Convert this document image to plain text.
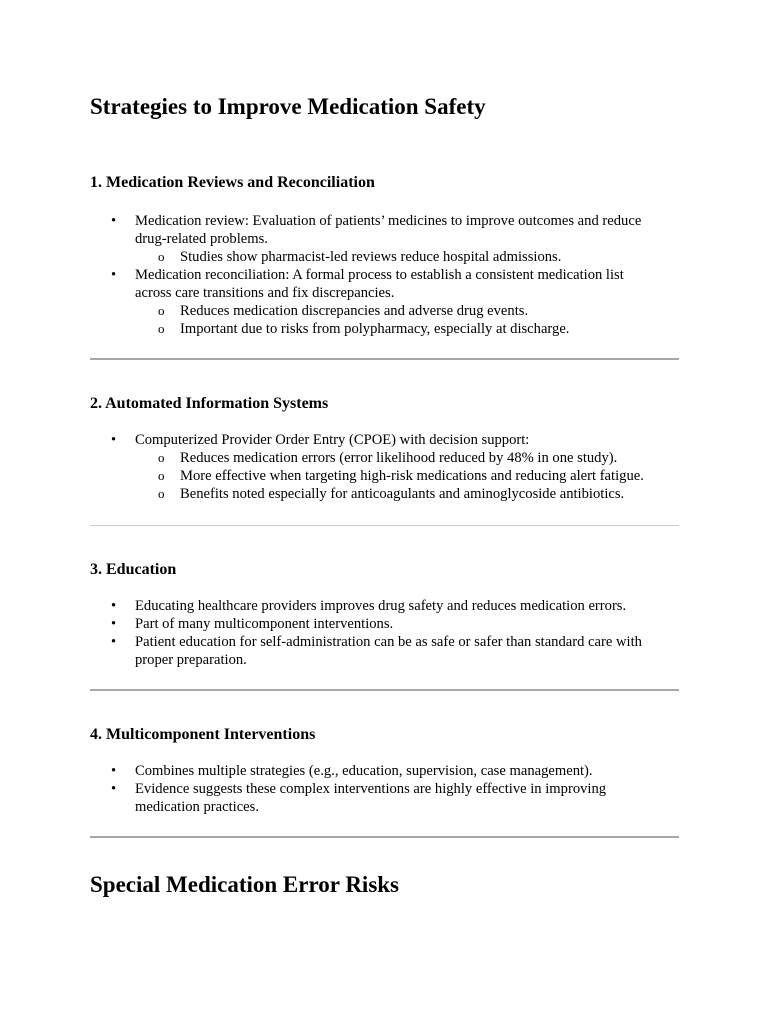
Strategies to Improve Medication Safety
1. Medication Reviews and Reconciliation
2. Automated Information Systems
3. Education
4. Multicomponent Interventions
Special Medication Error Risks
• Medication review: Evaluation of patients’ medicines to improve outcomes and reduce
drug-related problems.
o Studies show pharmacist-led reviews reduce hospital admissions.
• Medication reconciliation: A formal process to establish a consistent medication list
across care transitions and fix discrepancies.
o Reduces medication discrepancies and adverse drug events.
o Important due to risks from polypharmacy, especially at discharge.
• Computerized Provider Order Entry (CPOE) with decision support:
o Reduces medication errors (error likelihood reduced by 48% in one study).
o More effective when targeting high-risk medications and reducing alert fatigue.
o Benefits noted especially for anticoagulants and aminoglycoside antibiotics.
• Educating healthcare providers improves drug safety and reduces medication errors.
• Part of many multicomponent interventions.
• Patient education for self-administration can be as safe or safer than standard care with
proper preparation.
• Combines multiple strategies (e.g., education, supervision, case management).
• Evidence suggests these complex interventions are highly effective in improving
medication practices.
